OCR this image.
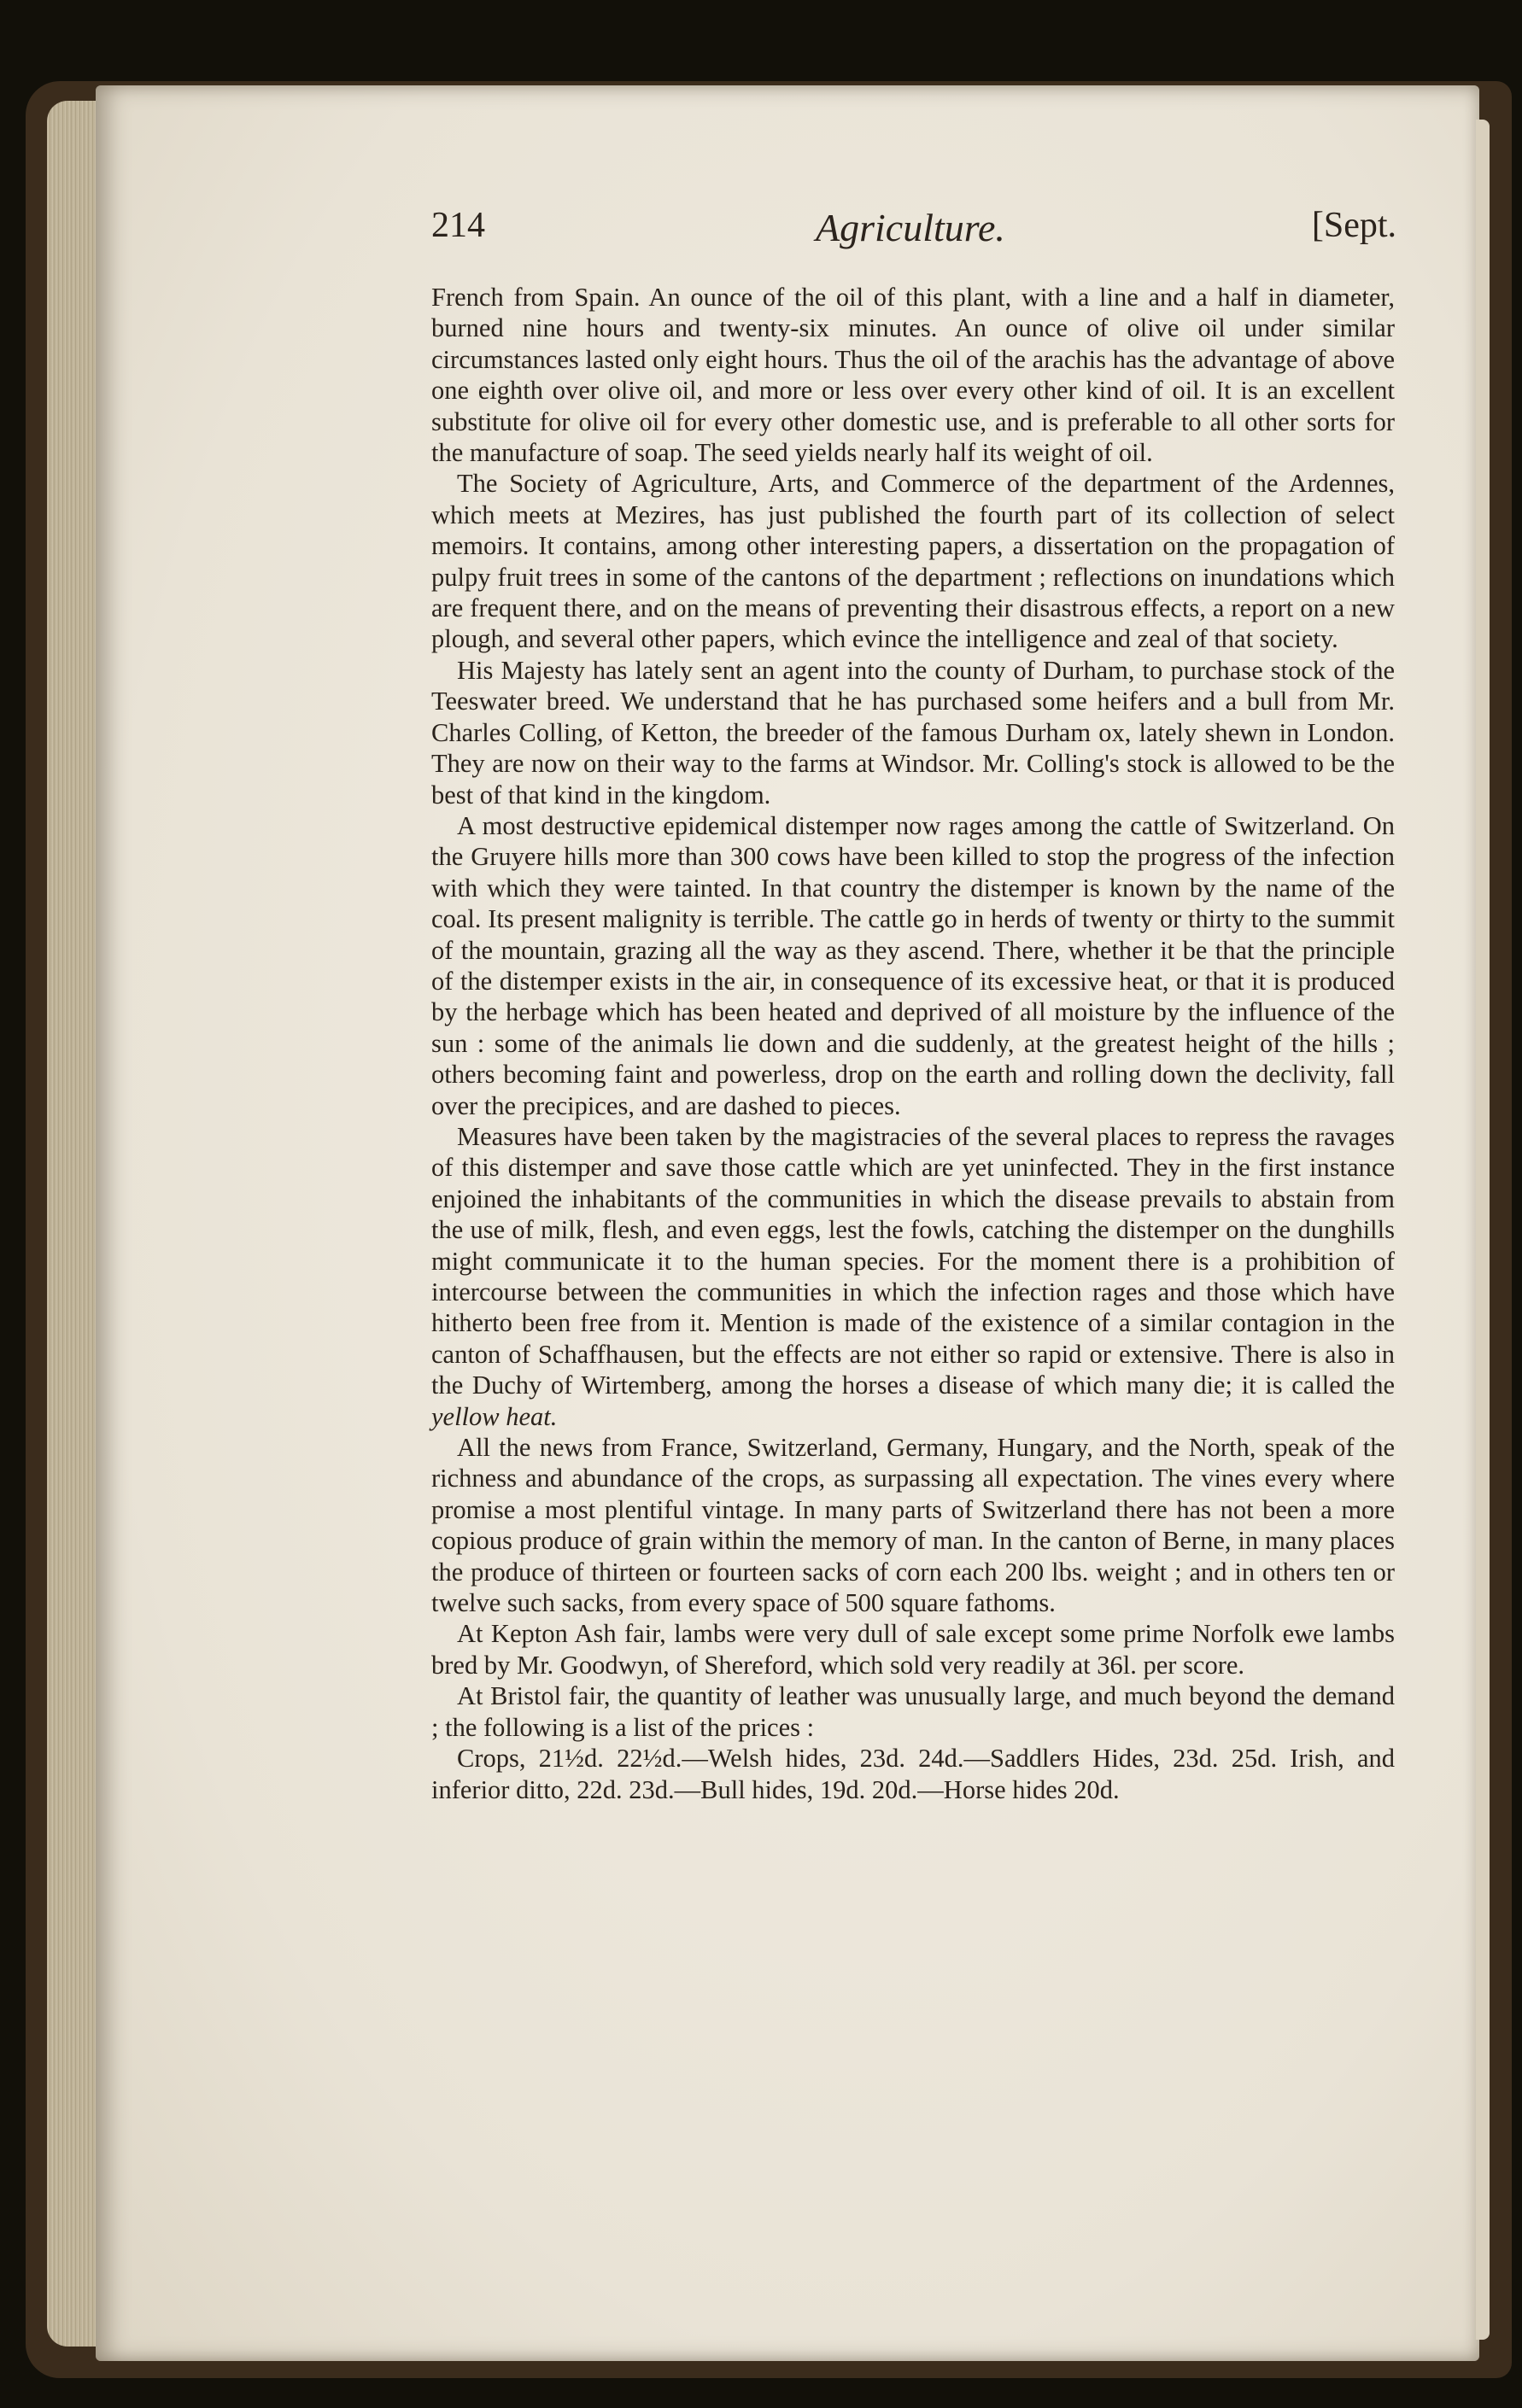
214	Agriculture.	[Sept.

French from Spain. An ounce of the oil of this plant, with a line and a half in diameter, burned nine hours and twenty-six minutes. An ounce of olive oil under similar circumstances lasted only eight hours. Thus the oil of the arachis has the advantage of above one eighth over olive oil, and more or less over every other kind of oil. It is an excellent substitute for olive oil for every other domestic use, and is preferable to all other sorts for the manufacture of soap. The seed yields nearly half its weight of oil.

The Society of Agriculture, Arts, and Commerce of the department of the Ardennes, which meets at Mezires, has just published the fourth part of its collection of select memoirs. It contains, among other interesting papers, a dissertation on the propagation of pulpy fruit trees in some of the cantons of the department ; reflections on inundations which are frequent there, and on the means of preventing their disastrous effects, a report on a new plough, and several other papers, which evince the intelligence and zeal of that society.

His Majesty has lately sent an agent into the county of Durham, to purchase stock of the Teeswater breed. We understand that he has purchased some heifers and a bull from Mr. Charles Colling, of Ketton, the breeder of the famous Durham ox, lately shewn in London. They are now on their way to the farms at Windsor. Mr. Colling's stock is allowed to be the best of that kind in the kingdom.

A most destructive epidemical distemper now rages among the cattle of Switzerland. On the Gruyere hills more than 300 cows have been killed to stop the progress of the infection with which they were tainted. In that country the distemper is known by the name of the coal. Its present malignity is terrible. The cattle go in herds of twenty or thirty to the summit of the mountain, grazing all the way as they ascend. There, whether it be that the principle of the distemper exists in the air, in consequence of its excessive heat, or that it is produced by the herbage which has been heated and deprived of all moisture by the influence of the sun : some of the animals lie down and die suddenly, at the greatest height of the hills ; others becoming faint and powerless, drop on the earth and rolling down the declivity, fall over the precipices, and are dashed to pieces.

Measures have been taken by the magistracies of the several places to repress the ravages of this distemper and save those cattle which are yet uninfected. They in the first instance enjoined the inhabitants of the communities in which the disease prevails to abstain from the use of milk, flesh, and even eggs, lest the fowls, catching the distemper on the dunghills might communicate it to the human species. For the moment there is a prohibition of intercourse between the communities in which the infection rages and those which have hitherto been free from it. Mention is made of the existence of a similar contagion in the canton of Schaffhausen, but the effects are not either so rapid or extensive. There is also in the Duchy of Wirtemberg, among the horses a disease of which many die; it is called the yellow heat.

All the news from France, Switzerland, Germany, Hungary, and the North, speak of the richness and abundance of the crops, as surpassing all expectation. The vines every where promise a most plentiful vintage. In many parts of Switzerland there has not been a more copious produce of grain within the memory of man. In the canton of Berne, in many places the produce of thirteen or fourteen sacks of corn each 200 lbs. weight ; and in others ten or twelve such sacks, from every space of 500 square fathoms.

At Kepton Ash fair, lambs were very dull of sale except some prime Norfolk ewe lambs bred by Mr. Goodwyn, of Shereford, which sold very readily at 36l. per score.

At Bristol fair, the quantity of leather was unusually large, and much beyond the demand ; the following is a list of the prices :

Crops, 21½d. 22½d.—Welsh hides, 23d. 24d.—Saddlers Hides, 23d. 25d. Irish, and inferior ditto, 22d. 23d.—Bull hides, 19d. 20d.—Horse hides 20d.
